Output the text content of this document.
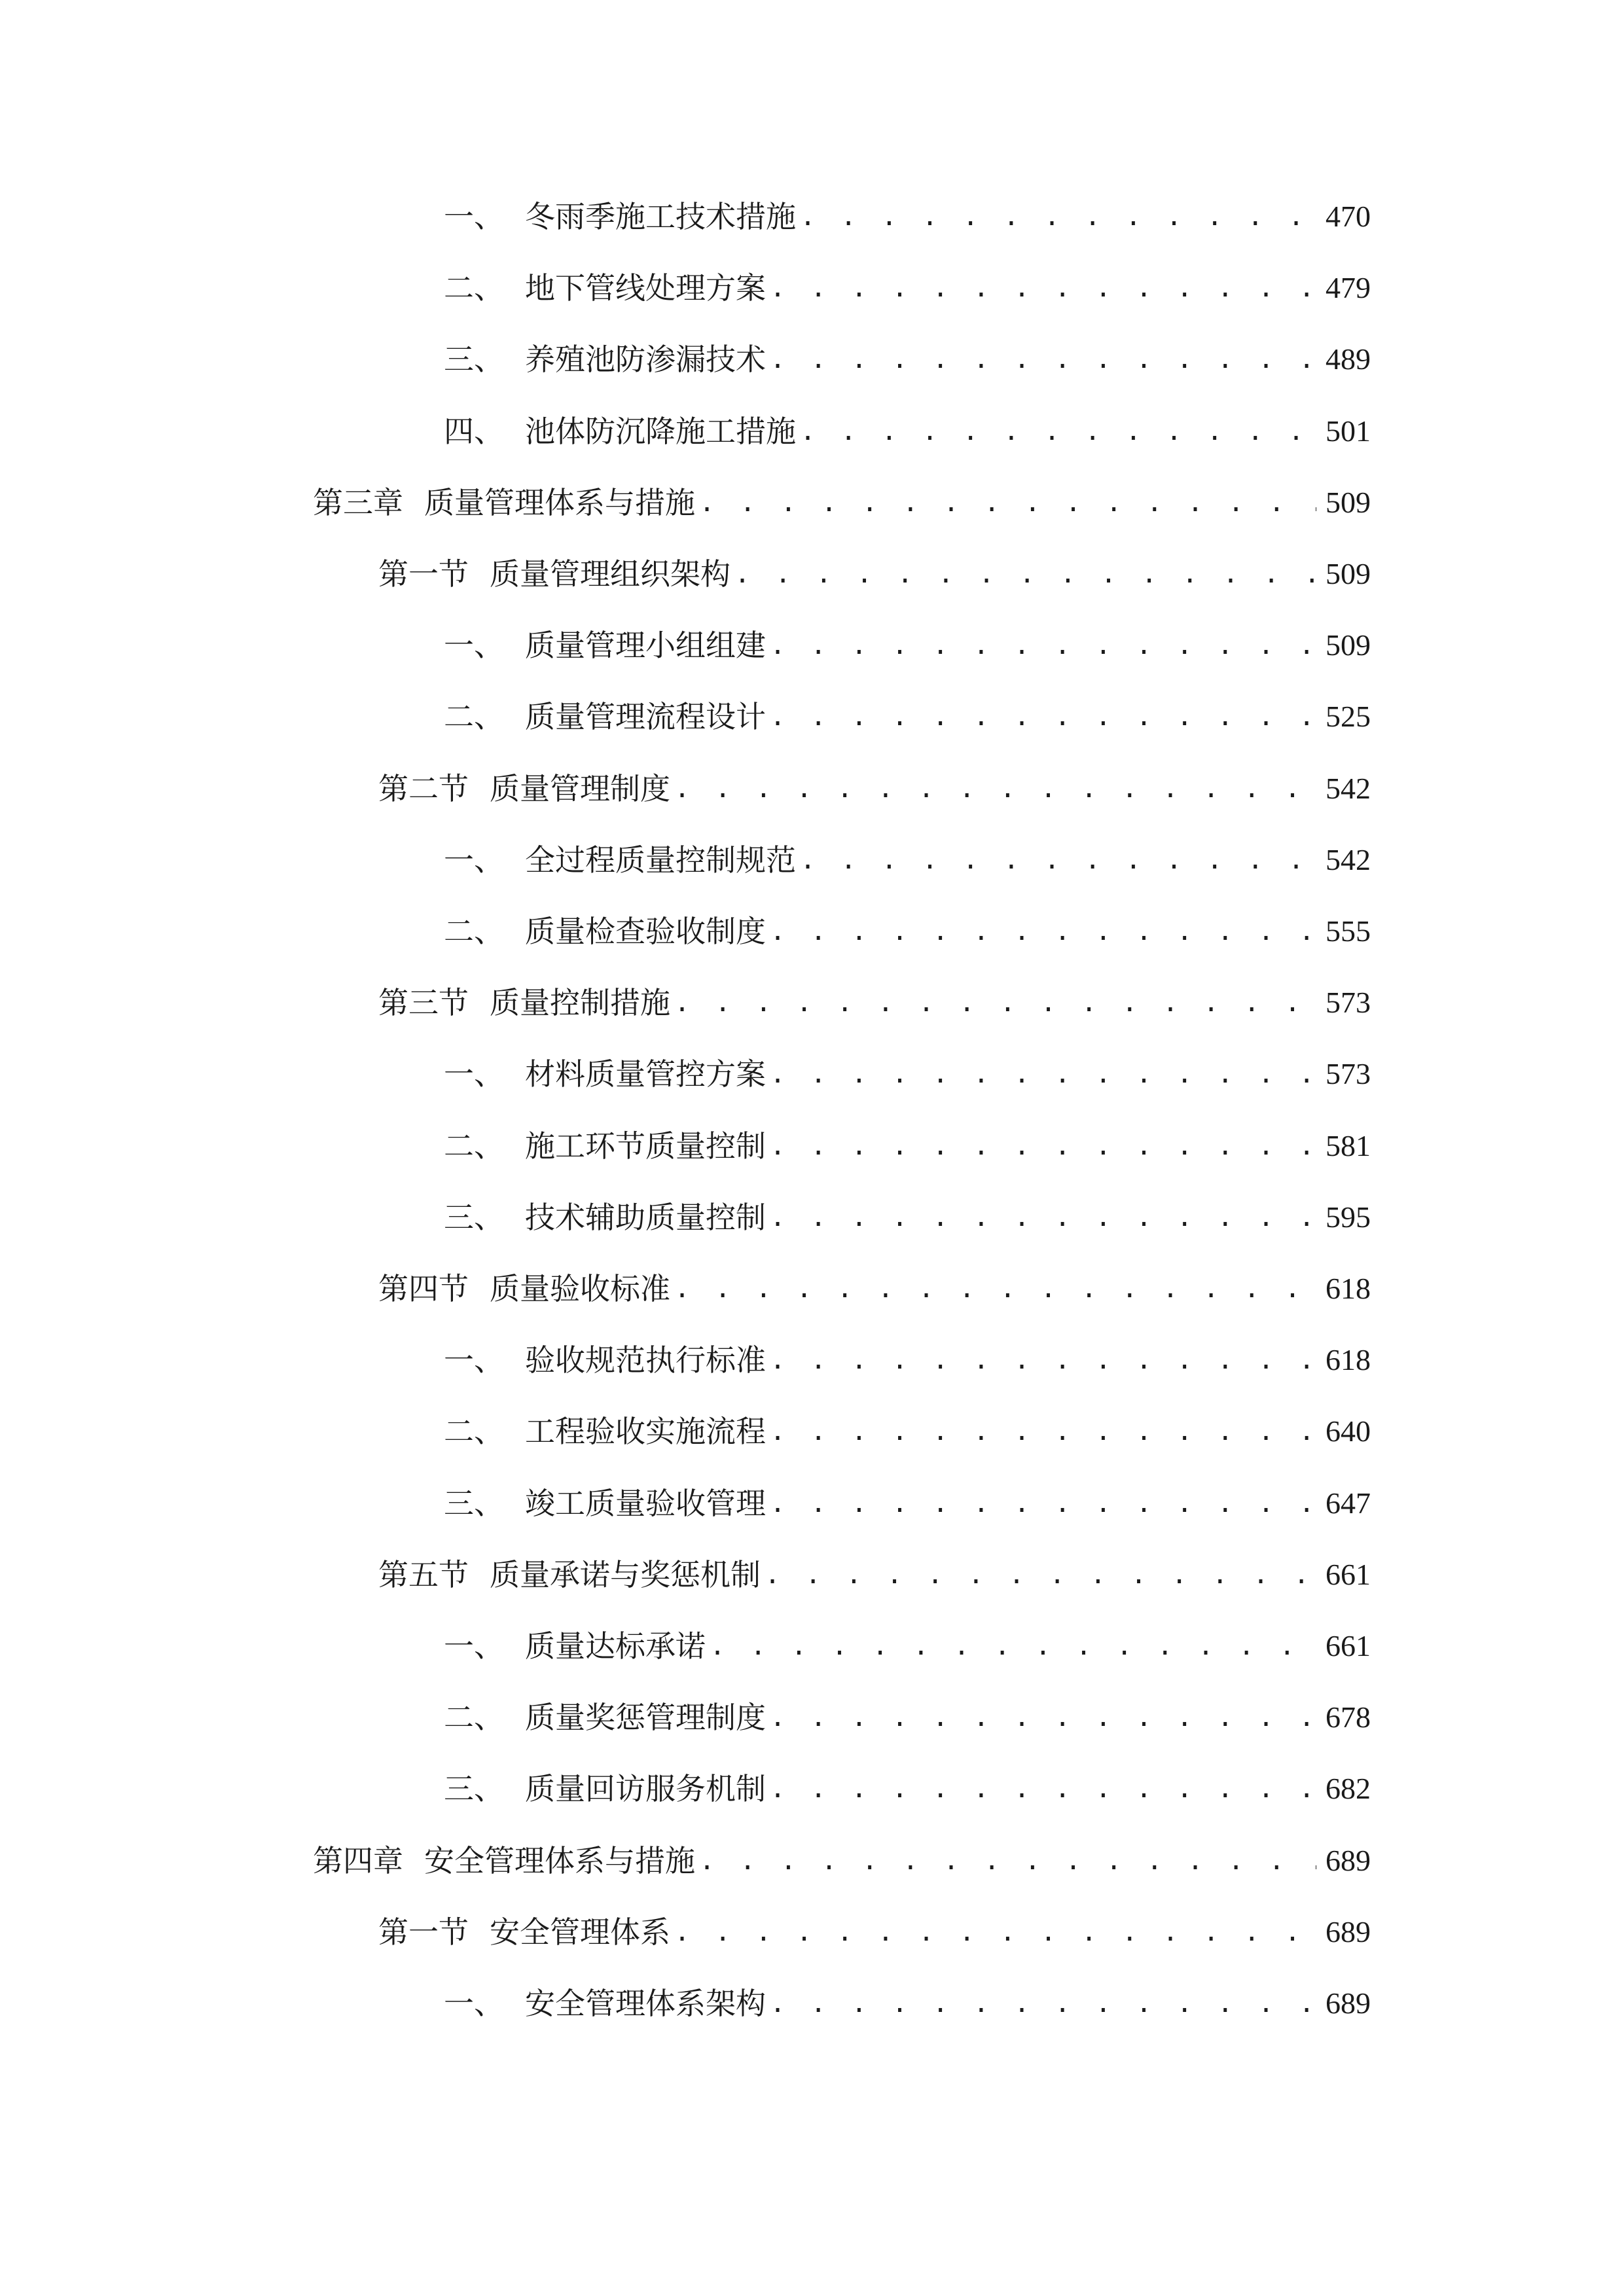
一、 冬雨季施工技术措施 . . .	470
二、 地下管线处理方案 . . .	479
三、 养殖池防渗漏技术 . . .	489
四、 池体防沉降施工措施 . . .	501
第三章 质量管理体系与措施 . . .	509
第一节 质量管理组织架构 . . .	509
一、 质量管理小组组建 . . .	509
二、 质量管理流程设计 . . .	525
第二节 质量管理制度 . . .	542
一、 全过程质量控制规范 . . .	542
二、 质量检查验收制度 . . .	555
第三节 质量控制措施 . . .	573
一、 材料质量管控方案 . . .	573
二、 施工环节质量控制 . . .	581
三、 技术辅助质量控制 . . .	595
第四节 质量验收标准 . . .	618
一、 验收规范执行标准 . . .	618
二、 工程验收实施流程 . . .	640
三、 竣工质量验收管理 . . .	647
第五节 质量承诺与奖惩机制 . . .	661
一、 质量达标承诺 . . .	661
二、 质量奖惩管理制度 . . .	678
三、 质量回访服务机制 . . .	682
第四章 安全管理体系与措施 . . .	689
第一节 安全管理体系 . . .	689
一、 安全管理体系架构 . . .	689
